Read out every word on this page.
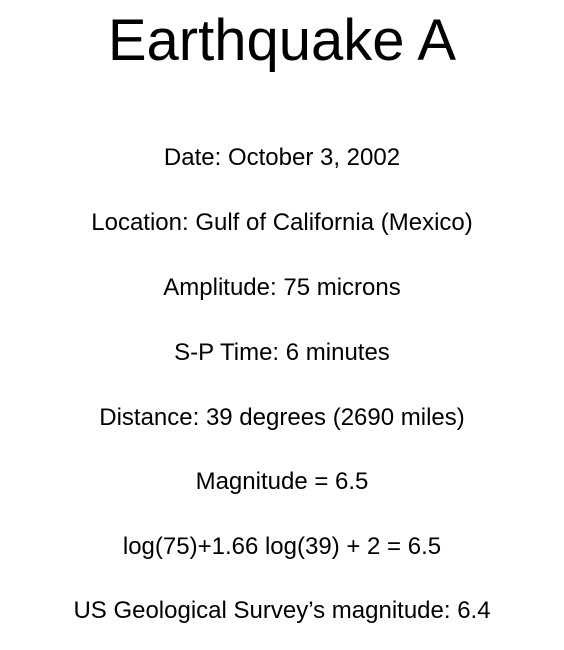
Earthquake A
Date: October 3, 2002
Location: Gulf of California (Mexico)
Amplitude: 75 microns
S-P Time: 6 minutes
Distance: 39 degrees (2690 miles)
Magnitude = 6.5
log(75)+1.66 log(39) + 2 = 6.5
US Geological Survey’s magnitude: 6.4
